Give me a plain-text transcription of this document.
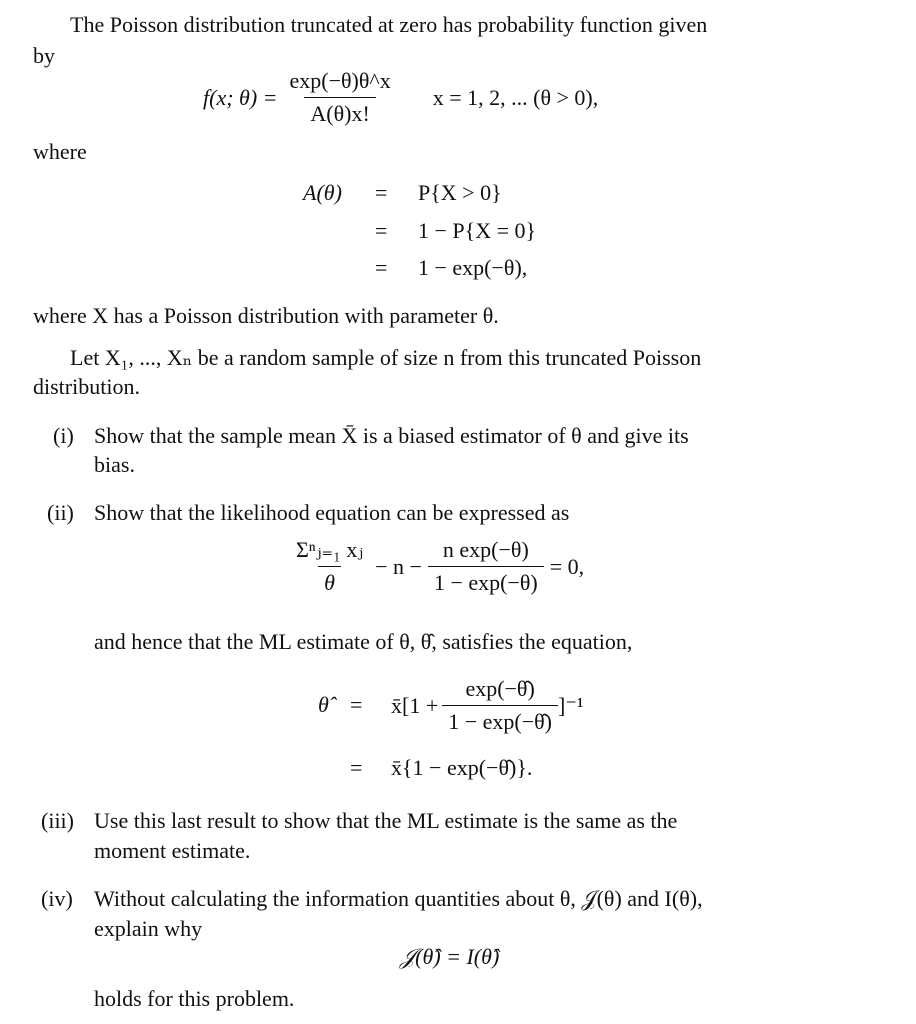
The Poisson distribution truncated at zero has probability function given
by
f(x; $\theta) = \frac{\exp(-\theta)\theta\^{}x}{A(\theta)x!}$ x = 1, 2, ... (θ > 0),
where
A(θ) = P{X > 0}
= 1 − P{X = 0}
= 1 − exp(−θ),
where X has a Poisson distribution with parameter θ.
Let X₁, ..., Xₙ be a random sample of size n from this truncated Poisson
distribution.
(i) Show that the sample mean X̄ is a biased estimator of θ and give its
bias.
(ii) Show that the likelihood equation can be expressed as
$\frac{\text{Σⁿⱼ₌₁ xⱼ}}{\theta} - n - \frac{\text{n exp(−θ)}}{1 - \exp(-\theta)} = 0$,
and hence that the ML estimate of θ, θ̂, satisfies the equation,
θ̂ = x̄[1 + $\frac{\exp(-\thetâ)}{1 - \exp(-\thetâ)} ]^{-1}$
= x̄{1 − exp(−θ̂)}.
(iii) Use this last result to show that the ML estimate is the same as the
moment estimate.
(iv) Without calculating the information quantities about θ, 𝒥(θ) and I(θ),
explain why
𝒥(θ̂) = I(θ̂)
holds for this problem.
